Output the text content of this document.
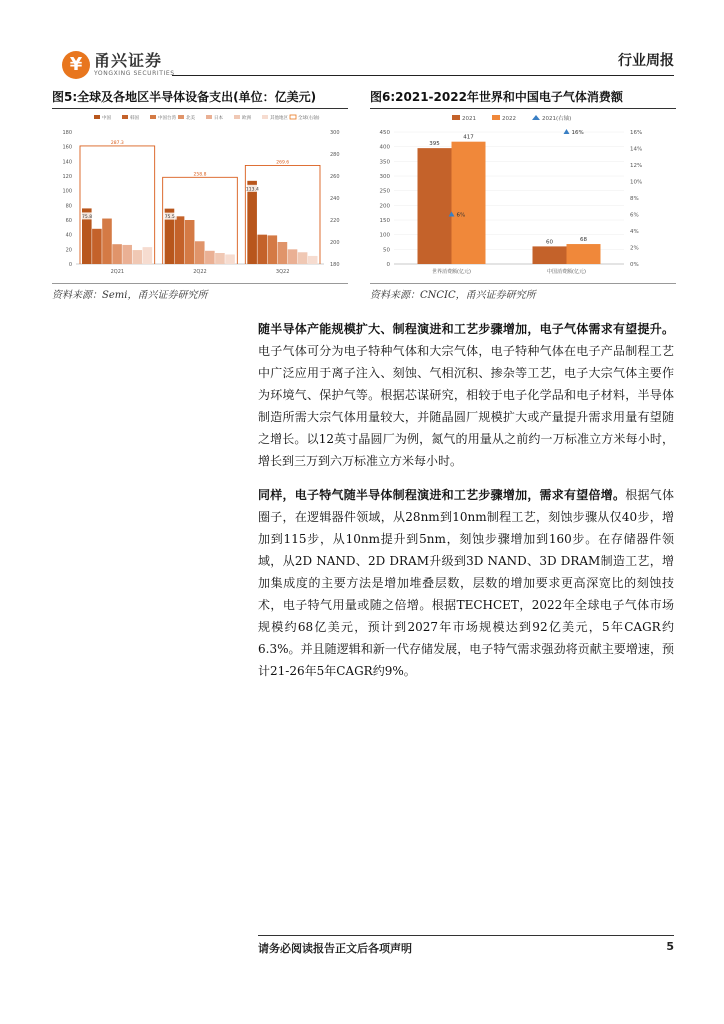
¥ 甬兴证券
YONGXING SECURITIES
行业周报
图5:全球及各地区半导体设备支出(单位：亿美元)	图6:2021-2022年世界和中国电子气体消费额
中国	韩国	中国台湾 北美	日本	欧洲	其他地区 全球(右轴)
0
20
40
60
80
100
120
140
160
180
180
200
220
240
260
280
300
75.8
287.3
2Q21
75.5
258.8
2Q22
113.4
269.6
3Q22
2021	2022	2021(右轴)
0
50
100
150
200
250
300
350
400
450
0%
2%
4%
6%
8%
10%
12%
14%
16%
395
417
6%
世界消费额(亿元)
60	68
16%
中国消费额(亿元)
资料来源：Semi，甬兴证券研究所	资料来源：CNCIC，甬兴证券研究所

随半导体产能规模扩大、制程演进和工艺步骤增加，电子气体需求有望提升。电子气体可分为电子特种气体和大宗气体，电子特种气体在电子产品制程工艺中广泛应用于离子注入、刻蚀、气相沉积、掺杂等工艺，电子大宗气体主要作为环境气、保护气等。根据芯谋研究，相较于电子化学品和电子材料，半导体制造所需大宗气体用量较大，并随晶圆厂规模扩大或产量提升需求用量有望随之增长。以12英寸晶圆厂为例，氮气的用量从之前约一万标准立方米每小时，增长到三万到六万标准立方米每小时。

同样，电子特气随半导体制程演进和工艺步骤增加，需求有望倍增。根据气体圈子，在逻辑器件领域，从28nm到10nm制程工艺，刻蚀步骤从仅40步，增加到115步，从10nm提升到5nm，刻蚀步骤增加到160步。在存储器件领域，从2D NAND、2D DRAM升级到3D NAND、3D DRAM制造工艺，增加集成度的主要方法是增加堆叠层数，层数的增加要求更高深宽比的刻蚀技术，电子特气用量或随之倍增。根据TECHCET，2022年全球电子气体市场规模约68亿美元，预计到2027年市场规模达到92亿美元，5年CAGR约6.3%。并且随逻辑和新一代存储发展，电子特气需求强劲将贡献主要增速，预计21-26年5年CAGR约9%。

请务必阅读报告正文后各项声明	5
